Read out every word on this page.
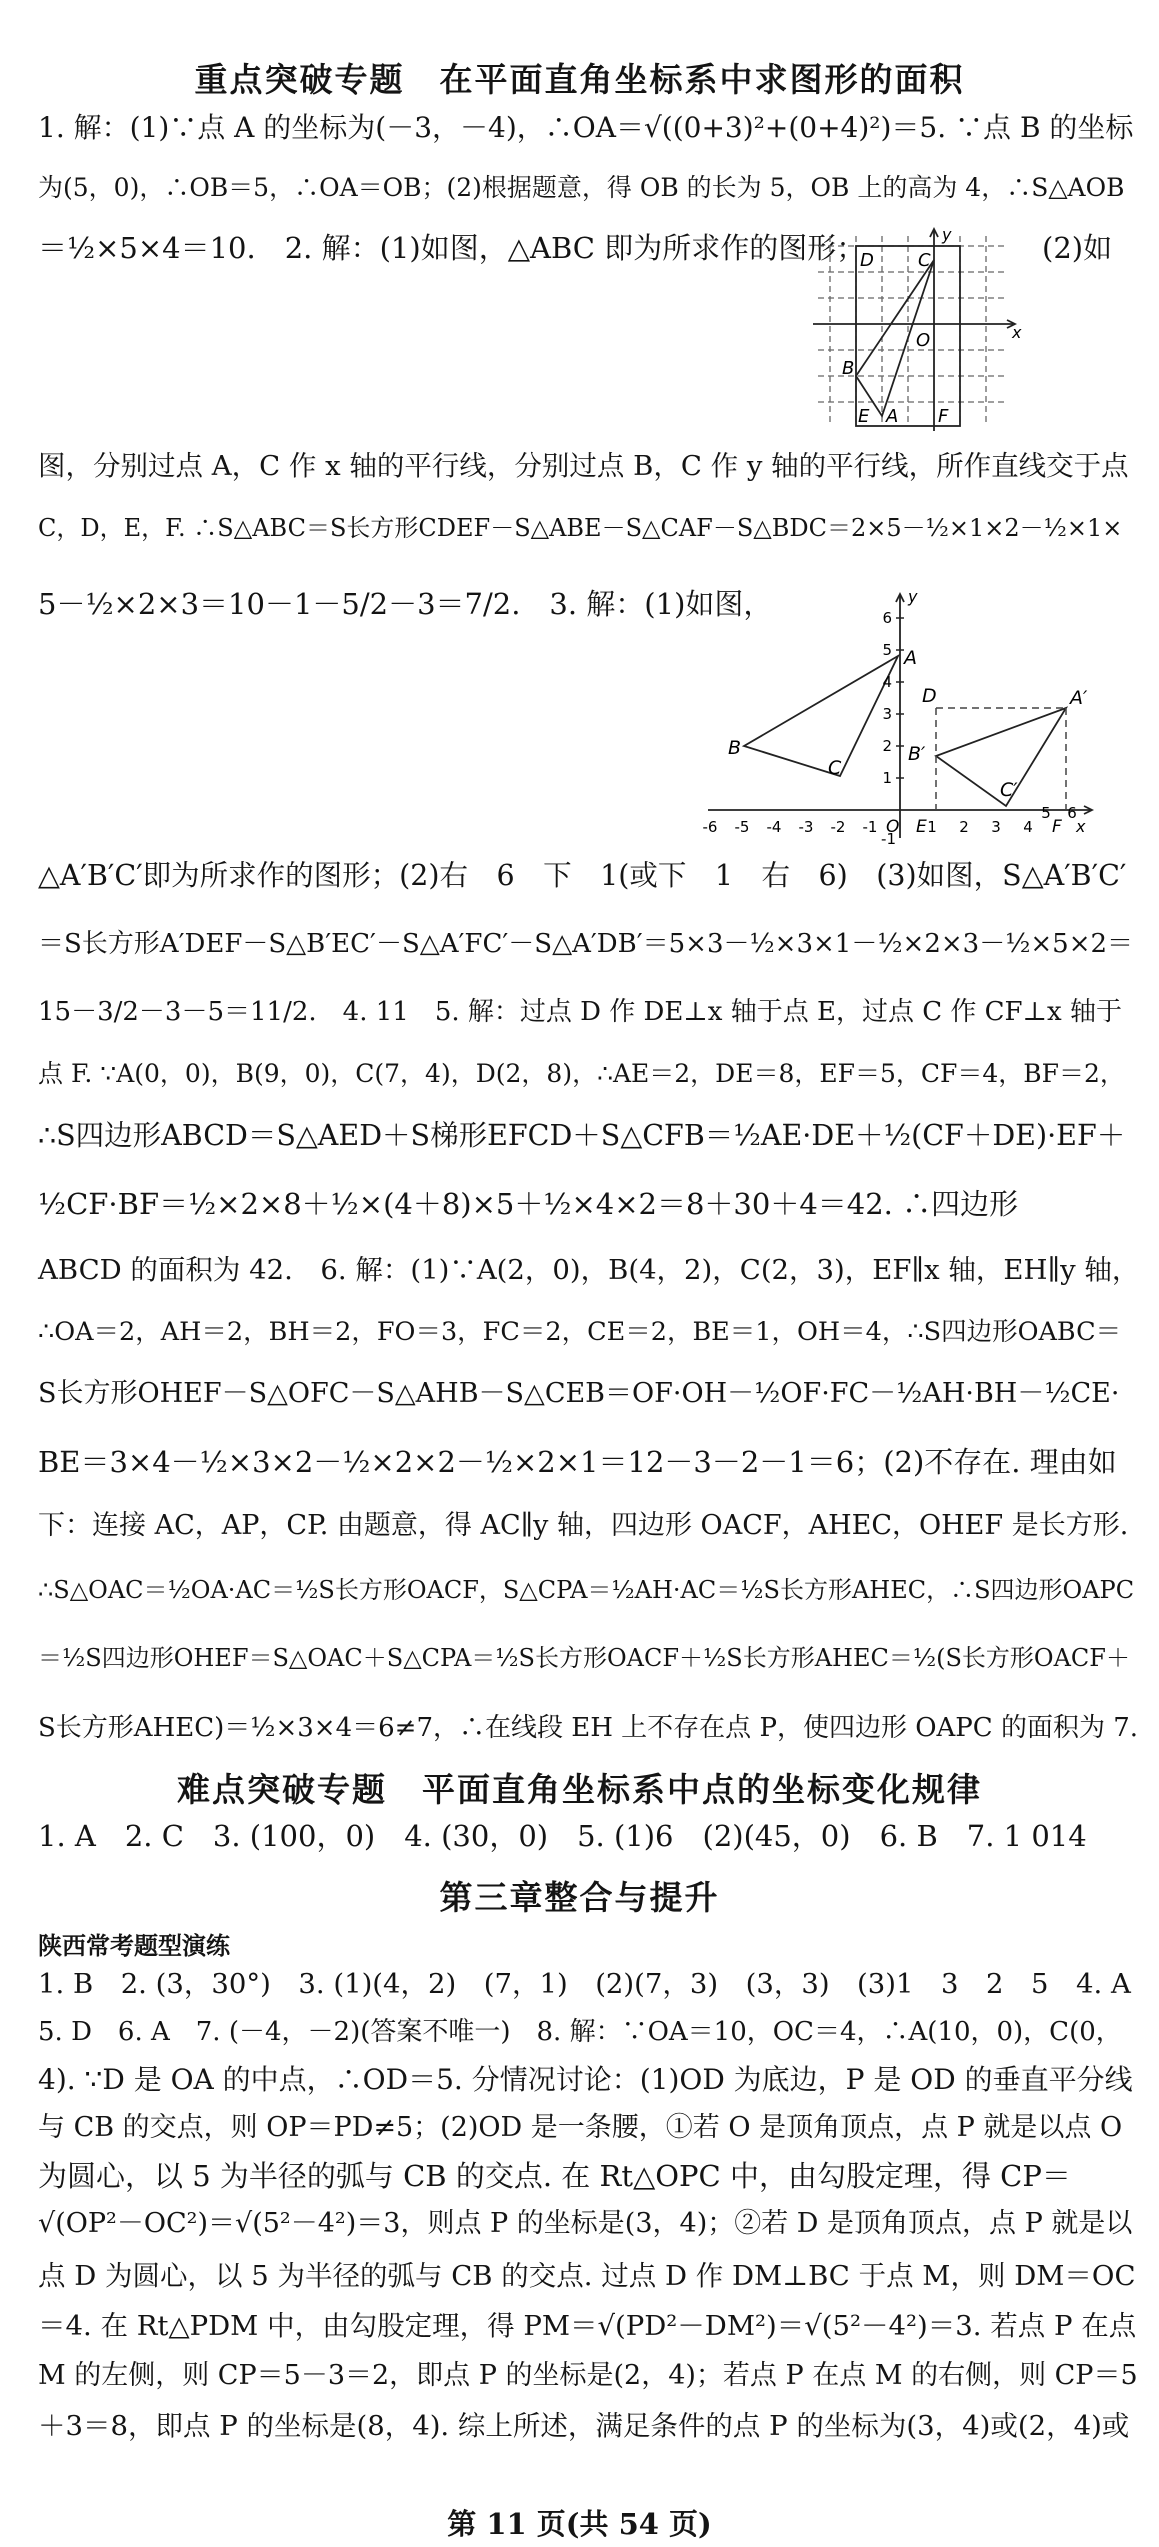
重点突破专题　在平面直角坐标系中求图形的面积
1. 解：(1)∵点 A 的坐标为(－3，－4)，∴OA＝√((0+3)²+(0+4)²)＝5. ∵点 B 的坐标
为(5，0)，∴OB＝5，∴OA＝OB；(2)根据题意，得 OB 的长为 5，OB 上的高为 4，∴S△AOB
＝½×5×4＝10.　2. 解：(1)如图，△ABC 即为所求作的图形；	(2)如
y
x
D C
O
B
E A F
图，分别过点 A，C 作 x 轴的平行线，分别过点 B，C 作 y 轴的平行线，所作直线交于点
C，D，E，F. ∴S△ABC＝S长方形CDEF－S△ABE－S△CAF－S△BDC＝2×5－½×1×2－½×1×
5－½×2×3＝10－1－5/2－3＝7/2.　3. 解：(1)如图，	y
x
A
B
C
D	A′
B′
C′
E	F
O
6
5
4
3
2
1
-1
-6 -5 -4 -3 -2 -1	1 2 3 4
5 6
△A′B′C′即为所求作的图形；(2)右　6　下　1(或下　1　右　6)　(3)如图，S△A′B′C′
＝S长方形A′DEF－S△B′EC′－S△A′FC′－S△A′DB′＝5×3－½×3×1－½×2×3－½×5×2＝
15－3/2－3－5＝11/2.　4. 11　5. 解：过点 D 作 DE⊥x 轴于点 E，过点 C 作 CF⊥x 轴于
点 F. ∵A(0，0)，B(9，0)，C(7，4)，D(2，8)，∴AE＝2，DE＝8，EF＝5，CF＝4，BF＝2，
∴S四边形ABCD＝S△AED＋S梯形EFCD＋S△CFB＝½AE·DE＋½(CF＋DE)·EF＋
½CF·BF＝½×2×8＋½×(4＋8)×5＋½×4×2＝8＋30＋4＝42. ∴四边形
ABCD 的面积为 42.　6. 解：(1)∵A(2，0)，B(4，2)，C(2，3)，EF∥x 轴，EH∥y 轴，
∴OA＝2，AH＝2，BH＝2，FO＝3，FC＝2，CE＝2，BE＝1，OH＝4，∴S四边形OABC＝
S长方形OHEF－S△OFC－S△AHB－S△CEB＝OF·OH－½OF·FC－½AH·BH－½CE·
BE＝3×4－½×3×2－½×2×2－½×2×1＝12－3－2－1＝6；(2)不存在. 理由如
下：连接 AC，AP，CP. 由题意，得 AC∥y 轴，四边形 OACF，AHEC，OHEF 是长方形.
∴S△OAC＝½OA·AC＝½S长方形OACF，S△CPA＝½AH·AC＝½S长方形AHEC，∴S四边形OAPC
＝½S四边形OHEF＝S△OAC＋S△CPA＝½S长方形OACF＋½S长方形AHEC＝½(S长方形OACF＋
S长方形AHEC)＝½×3×4＝6≠7，∴在线段 EH 上不存在点 P，使四边形 OAPC 的面积为 7.
难点突破专题　平面直角坐标系中点的坐标变化规律
1. A　2. C　3. (100，0)　4. (30，0)　5. (1)6　(2)(45，0)　6. B　7. 1 014
第三章整合与提升
陕西常考题型演练
1. B　2. (3，30°)　3. (1)(4，2)　(7，1)　(2)(7，3)　(3，3)　(3)1　3　2　5　4. A
5. D　6. A　7. (－4，－2)(答案不唯一)　8. 解：∵OA＝10，OC＝4，∴A(10，0)，C(0，
4). ∵D 是 OA 的中点，∴OD＝5. 分情况讨论：(1)OD 为底边，P 是 OD 的垂直平分线
与 CB 的交点，则 OP＝PD≠5；(2)OD 是一条腰，①若 O 是顶角顶点，点 P 就是以点 O
为圆心，以 5 为半径的弧与 CB 的交点. 在 Rt△OPC 中，由勾股定理，得 CP＝
√(OP²－OC²)＝√(5²－4²)＝3，则点 P 的坐标是(3，4)；②若 D 是顶角顶点，点 P 就是以
点 D 为圆心，以 5 为半径的弧与 CB 的交点. 过点 D 作 DM⊥BC 于点 M，则 DM＝OC
＝4. 在 Rt△PDM 中，由勾股定理，得 PM＝√(PD²－DM²)＝√(5²－4²)＝3. 若点 P 在点
M 的左侧，则 CP＝5－3＝2，即点 P 的坐标是(2，4)；若点 P 在点 M 的右侧，则 CP＝5
＋3＝8，即点 P 的坐标是(8，4). 综上所述，满足条件的点 P 的坐标为(3，4)或(2，4)或
第 11 页(共 54 页)
